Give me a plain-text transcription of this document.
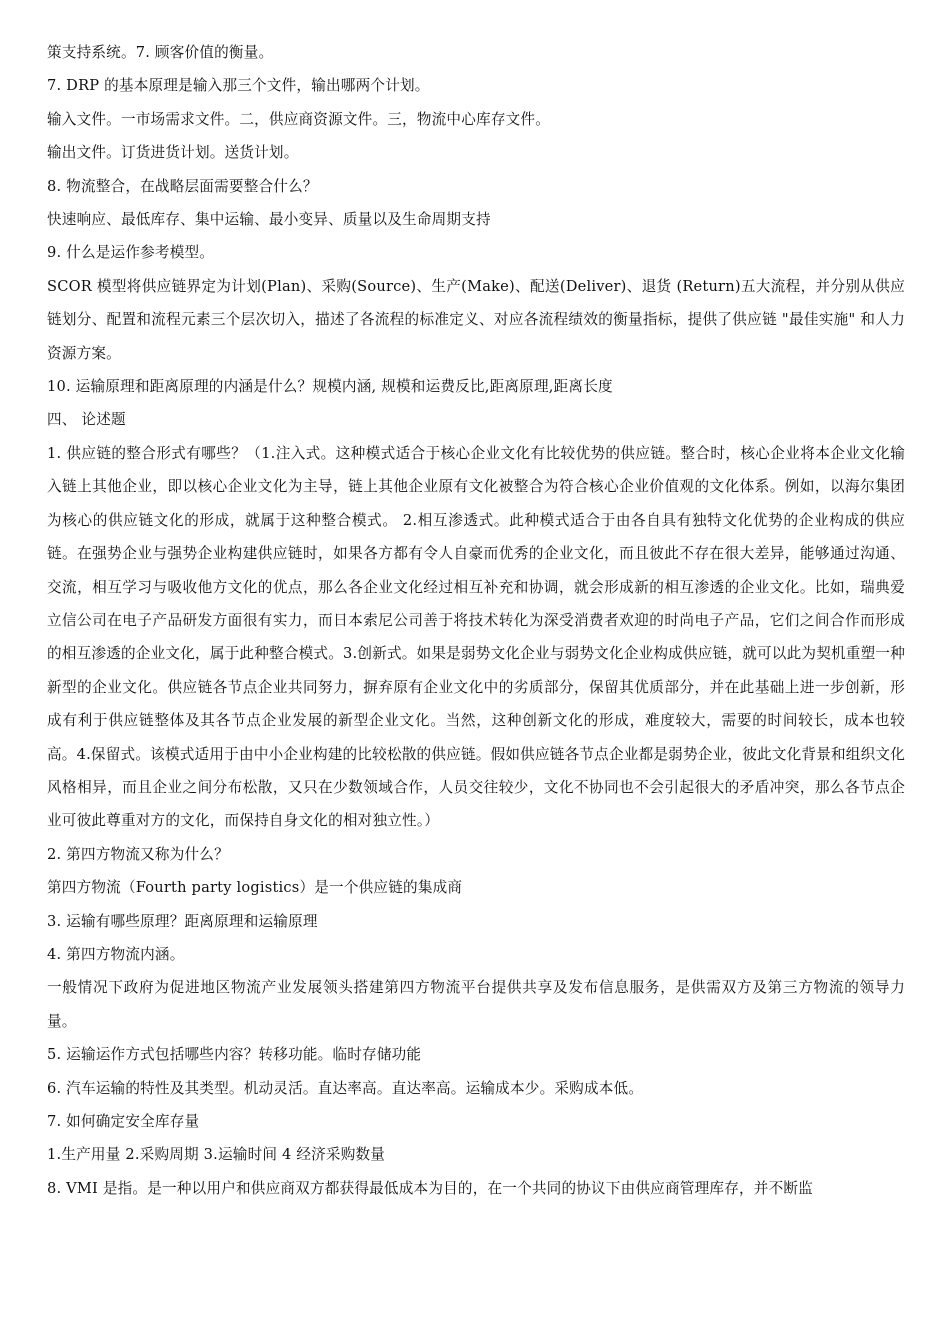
策支持系统。7. 顾客价值的衡量。

7. DRP 的基本原理是输入那三个文件，输出哪两个计划。

输入文件。一市场需求文件。二，供应商资源文件。三，物流中心库存文件。

输出文件。订货进货计划。送货计划。

8. 物流整合，在战略层面需要整合什么？

快速响应、最低库存、集中运输、最小变异、质量以及生命周期支持

9. 什么是运作参考模型。

SCOR 模型将供应链界定为计划(Plan)、采购(Source)、生产(Make)、配送(Deliver)、退货 (Return)五大流程，并分别从供应链划分、配置和流程元素三个层次切入，描述了各流程的标准定义、对应各流程绩效的衡量指标，提供了供应链 "最佳实施" 和人力资源方案。

10. 运输原理和距离原理的内涵是什么？规模内涵, 规模和运费反比,距离原理,距离长度

四、 论述题

1. 供应链的整合形式有哪些？（1.注入式。这种模式适合于核心企业文化有比较优势的供应链。整合时，核心企业将本企业文化输入链上其他企业，即以核心企业文化为主导，链上其他企业原有文化被整合为符合核心企业价值观的文化体系。例如，以海尔集团为核心的供应链文化的形成，就属于这种整合模式。 2.相互渗透式。此种模式适合于由各自具有独特文化优势的企业构成的供应链。在强势企业与强势企业构建供应链时，如果各方都有令人自豪而优秀的企业文化，而且彼此不存在很大差异，能够通过沟通、交流，相互学习与吸收他方文化的优点，那么各企业文化经过相互补充和协调，就会形成新的相互渗透的企业文化。比如，瑞典爱立信公司在电子产品研发方面很有实力，而日本索尼公司善于将技术转化为深受消费者欢迎的时尚电子产品，它们之间合作而形成的相互渗透的企业文化，属于此种整合模式。3.创新式。如果是弱势文化企业与弱势文化企业构成供应链，就可以此为契机重塑一种新型的企业文化。供应链各节点企业共同努力，摒弃原有企业文化中的劣质部分，保留其优质部分，并在此基础上进一步创新，形成有利于供应链整体及其各节点企业发展的新型企业文化。当然，这种创新文化的形成，难度较大，需要的时间较长，成本也较高。4.保留式。该模式适用于由中小企业构建的比较松散的供应链。假如供应链各节点企业都是弱势企业，彼此文化背景和组织文化风格相异，而且企业之间分布松散，又只在少数领域合作，人员交往较少，文化不协同也不会引起很大的矛盾冲突，那么各节点企业可彼此尊重对方的文化，而保持自身文化的相对独立性。）

2. 第四方物流又称为什么？

第四方物流（Fourth party logistics）是一个供应链的集成商

3. 运输有哪些原理？距离原理和运输原理

4. 第四方物流内涵。

一般情况下政府为促进地区物流产业发展领头搭建第四方物流平台提供共享及发布信息服务，是供需双方及第三方物流的领导力量。

5. 运输运作方式包括哪些内容？转移功能。临时存储功能

6. 汽车运输的特性及其类型。机动灵活。直达率高。直达率高。运输成本少。采购成本低。

7. 如何确定安全库存量

1.生产用量 2.采购周期 3.运输时间 4 经济采购数量

8. VMI 是指。是一种以用户和供应商双方都获得最低成本为目的，在一个共同的协议下由供应商管理库存，并不断监
